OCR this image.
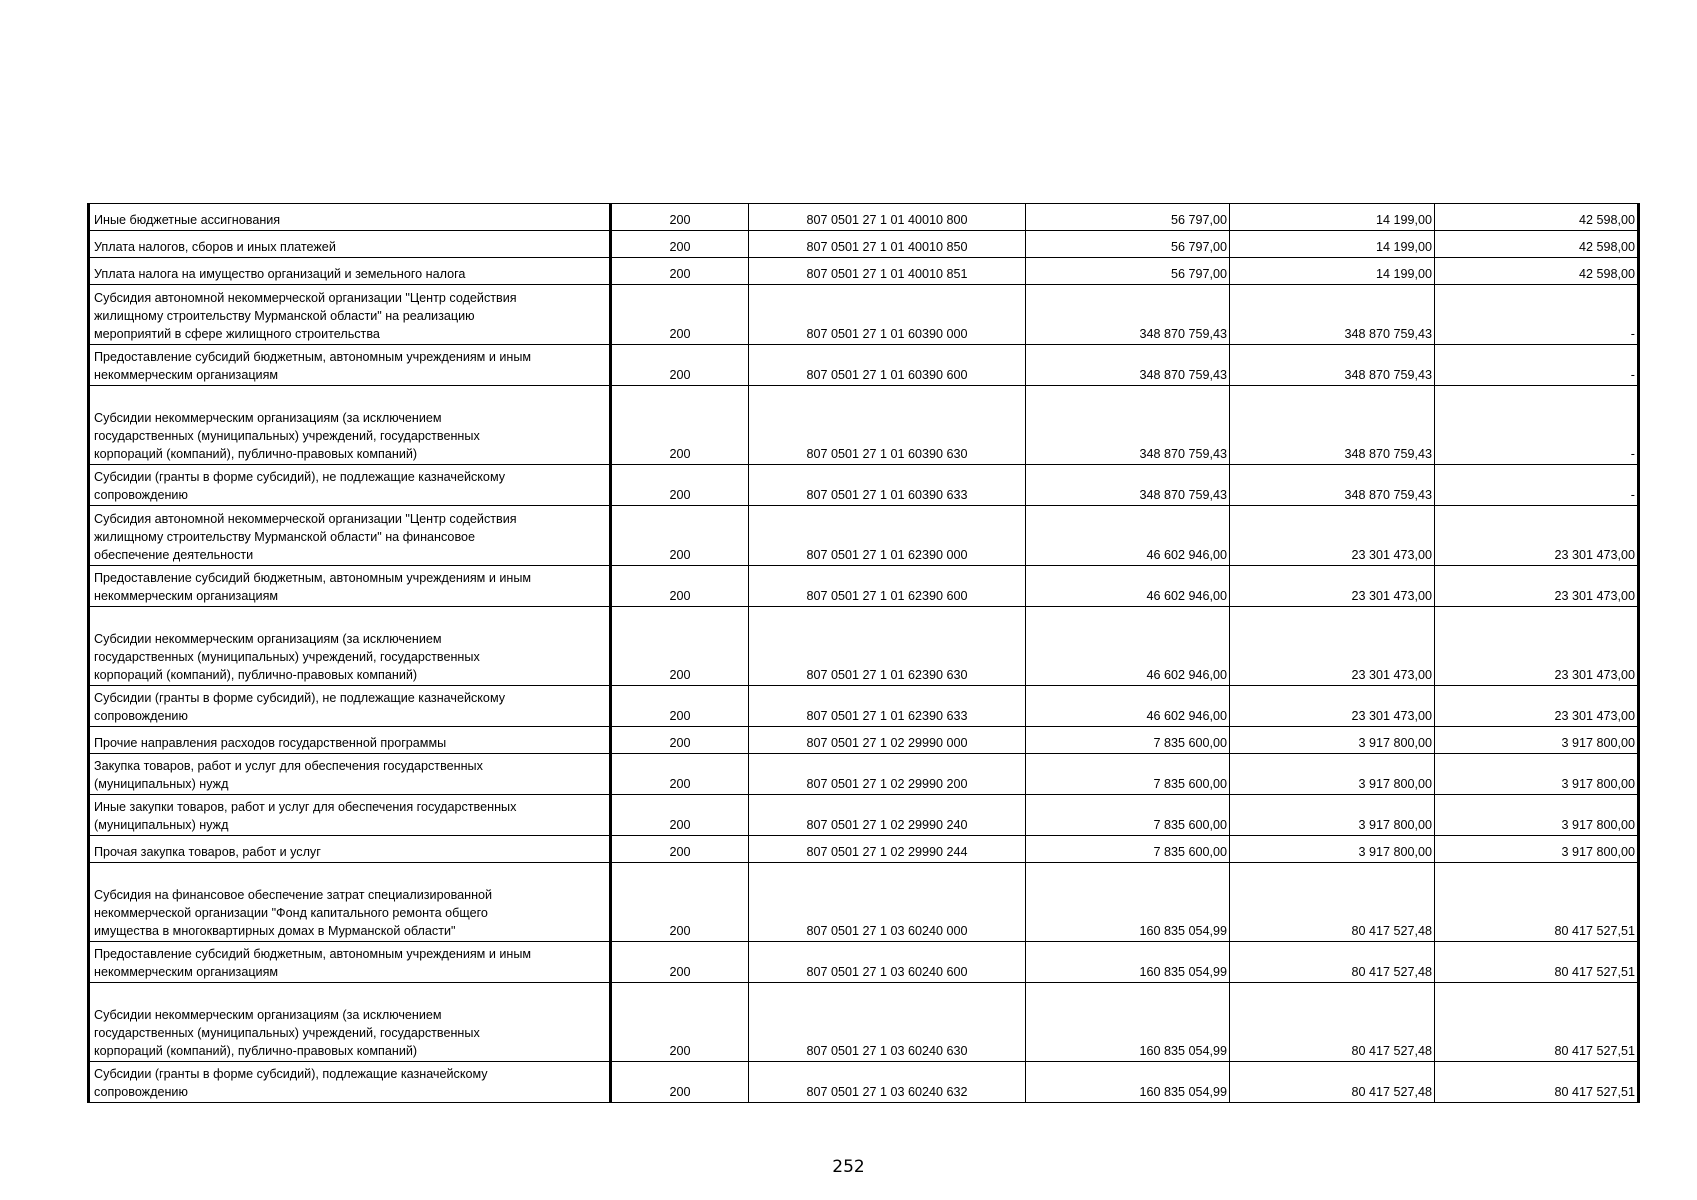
Иные бюджетные ассигнования	200	807 0501 27 1 01 40010 800	56 797,00	14 199,00	42 598,00
Уплата налогов, сборов и иных платежей	200	807 0501 27 1 01 40010 850	56 797,00	14 199,00	42 598,00
Уплата налога на имущество организаций и земельного налога	200	807 0501 27 1 01 40010 851	56 797,00	14 199,00	42 598,00
Субсидия автономной некоммерческой организации "Центр содействия
жилищному строительству Мурманской области" на реализацию
мероприятий в сфере жилищного строительства	200	807 0501 27 1 01 60390 000	348 870 759,43	348 870 759,43	-
Предоставление субсидий бюджетным, автономным учреждениям и иным
некоммерческим организациям	200	807 0501 27 1 01 60390 600	348 870 759,43	348 870 759,43	-
Субсидии некоммерческим организациям (за исключением
государственных (муниципальных) учреждений, государственных
корпораций (компаний), публично-правовых компаний)	200	807 0501 27 1 01 60390 630	348 870 759,43	348 870 759,43	-
Субсидии (гранты в форме субсидий), не подлежащие казначейскому
сопровождению	200	807 0501 27 1 01 60390 633	348 870 759,43	348 870 759,43	-
Субсидия автономной некоммерческой организации "Центр содействия
жилищному строительству Мурманской области" на финансовое
обеспечение деятельности	200	807 0501 27 1 01 62390 000	46 602 946,00	23 301 473,00	23 301 473,00
Предоставление субсидий бюджетным, автономным учреждениям и иным
некоммерческим организациям	200	807 0501 27 1 01 62390 600	46 602 946,00	23 301 473,00	23 301 473,00
Субсидии некоммерческим организациям (за исключением
государственных (муниципальных) учреждений, государственных
корпораций (компаний), публично-правовых компаний)	200	807 0501 27 1 01 62390 630	46 602 946,00	23 301 473,00	23 301 473,00
Субсидии (гранты в форме субсидий), не подлежащие казначейскому
сопровождению	200	807 0501 27 1 01 62390 633	46 602 946,00	23 301 473,00	23 301 473,00
Прочие направления расходов государственной программы	200	807 0501 27 1 02 29990 000	7 835 600,00	3 917 800,00	3 917 800,00
Закупка товаров, работ и услуг для обеспечения государственных
(муниципальных) нужд	200	807 0501 27 1 02 29990 200	7 835 600,00	3 917 800,00	3 917 800,00
Иные закупки товаров, работ и услуг для обеспечения государственных
(муниципальных) нужд	200	807 0501 27 1 02 29990 240	7 835 600,00	3 917 800,00	3 917 800,00
Прочая закупка товаров, работ и услуг	200	807 0501 27 1 02 29990 244	7 835 600,00	3 917 800,00	3 917 800,00
Субсидия на финансовое обеспечение затрат специализированной
некоммерческой организации "Фонд капитального ремонта общего
имущества в многоквартирных домах в Мурманской области"	200	807 0501 27 1 03 60240 000	160 835 054,99	80 417 527,48	80 417 527,51
Предоставление субсидий бюджетным, автономным учреждениям и иным
некоммерческим организациям	200	807 0501 27 1 03 60240 600	160 835 054,99	80 417 527,48	80 417 527,51
Субсидии некоммерческим организациям (за исключением
государственных (муниципальных) учреждений, государственных
корпораций (компаний), публично-правовых компаний)	200	807 0501 27 1 03 60240 630	160 835 054,99	80 417 527,48	80 417 527,51
Субсидии (гранты в форме субсидий), подлежащие казначейскому
сопровождению	200	807 0501 27 1 03 60240 632	160 835 054,99	80 417 527,48	80 417 527,51
252
